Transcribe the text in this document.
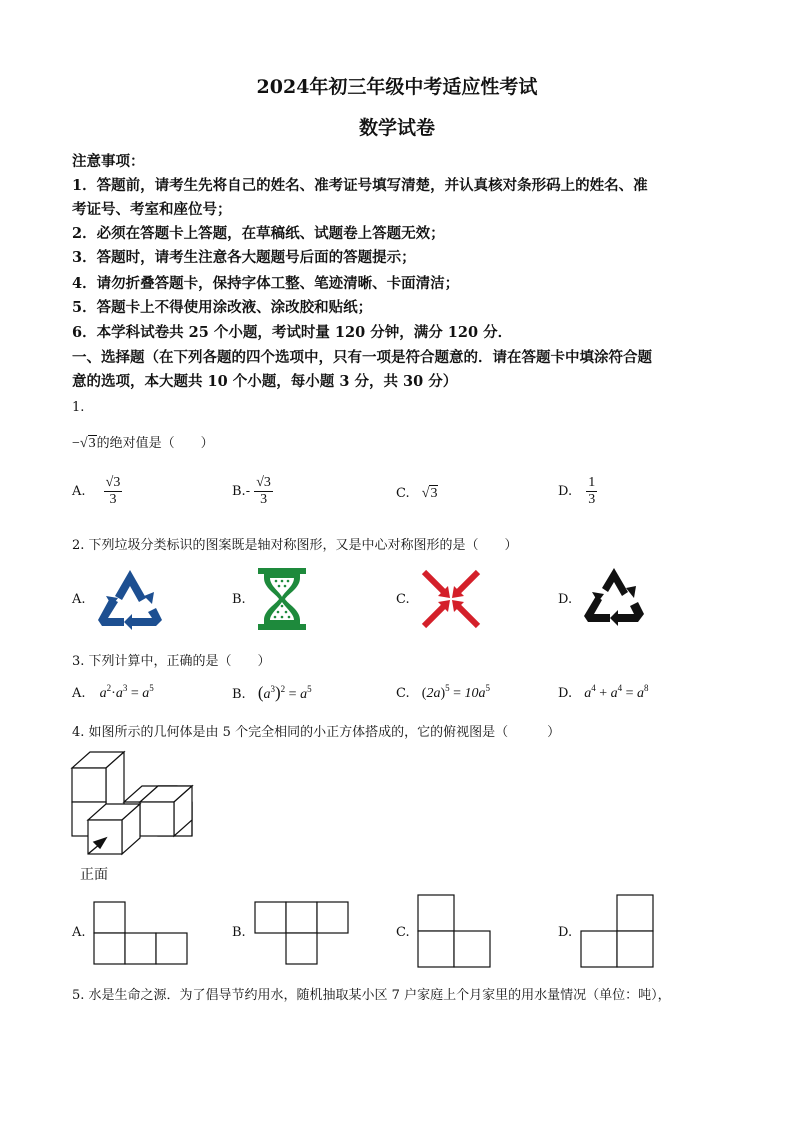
2024年初三年级中考适应性考试
数学试卷
注意事项：
1．答题前，请考生先将自己的姓名、准考证号填写清楚，并认真核对条形码上的姓名、准
考证号、考室和座位号；
2．必须在答题卡上答题，在草稿纸、试题卷上答题无效；
3．答题时，请考生注意各大题题号后面的答题提示；
4．请勿折叠答题卡，保持字体工整、笔迹清晰、卡面清洁；
5．答题卡上不得使用涂改液、涂改胶和贴纸；
6．本学科试卷共 25 个小题，考试时量 120 分钟，满分 120 分．
一、选择题（在下列各题的四个选项中，只有一项是符合题意的．请在答题卡中填涂符合题
意的选项，本大题共 10 个小题，每小题 3 分，共 30 分）
1.
−√3的绝对值是（　　）
A. $\frac{√3}{3}$	$B.- \frac{√3}{3}$	C. √3	D. $\frac{1}{3}$
2. 下列垃圾分类标识的图案既是轴对称图形，又是中心对称图形的是（　　）
A.	B.	C.	D.
3. 下列计算中，正确的是（　　）
A. $a^2\cdot a^3 = a^5$	B. $(a^3)^2 = a^5$	C. $(2a)^5 = 10a^5$	D. $a^4 + a^4 = a^8$
4. 如图所示的几何体是由 5 个完全相同的小正方体搭成的，它的俯视图是（　　　）
正面
A.	B.	C.	D.
5. 水是生命之源．为了倡导节约用水，随机抽取某小区 7 户家庭上个月家里的用水量情况（单位：吨），
